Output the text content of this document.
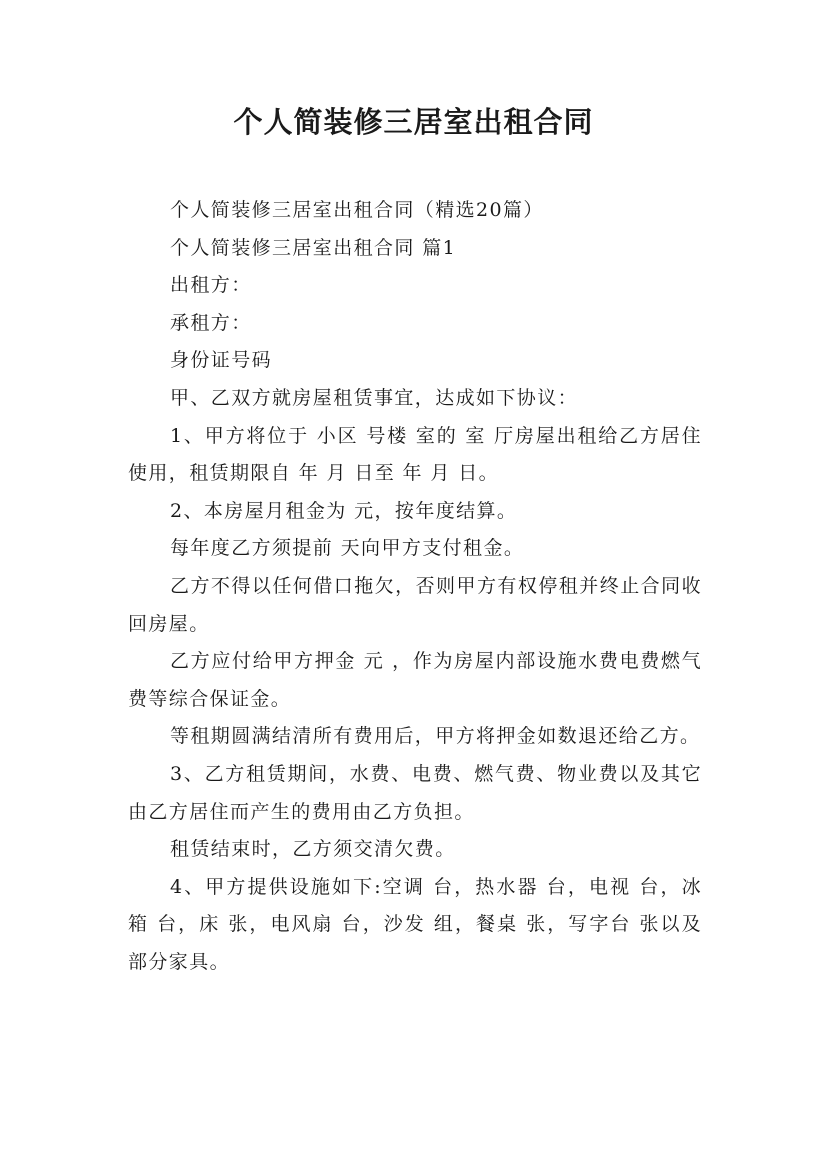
个人简装修三居室出租合同

个人简装修三居室出租合同（精选20篇）

个人简装修三居室出租合同 篇1

出租方：

承租方：

身份证号码

甲、乙双方就房屋租赁事宜，达成如下协议：

1、甲方将位于 小区 号楼 室的 室 厅房屋出租给乙方居住使用，租赁期限自 年 月 日至 年 月 日。

2、本房屋月租金为 元，按年度结算。

每年度乙方须提前 天向甲方支付租金。

乙方不得以任何借口拖欠，否则甲方有权停租并终止合同收回房屋。

乙方应付给甲方押金 元 ，作为房屋内部设施水费电费燃气费等综合保证金。

等租期圆满结清所有费用后，甲方将押金如数退还给乙方。

3、乙方租赁期间，水费、电费、燃气费、物业费以及其它由乙方居住而产生的费用由乙方负担。

租赁结束时，乙方须交清欠费。

4、甲方提供设施如下:空调 台，热水器 台，电视 台，冰箱 台，床 张，电风扇 台，沙发 组，餐桌 张，写字台 张以及部分家具。
